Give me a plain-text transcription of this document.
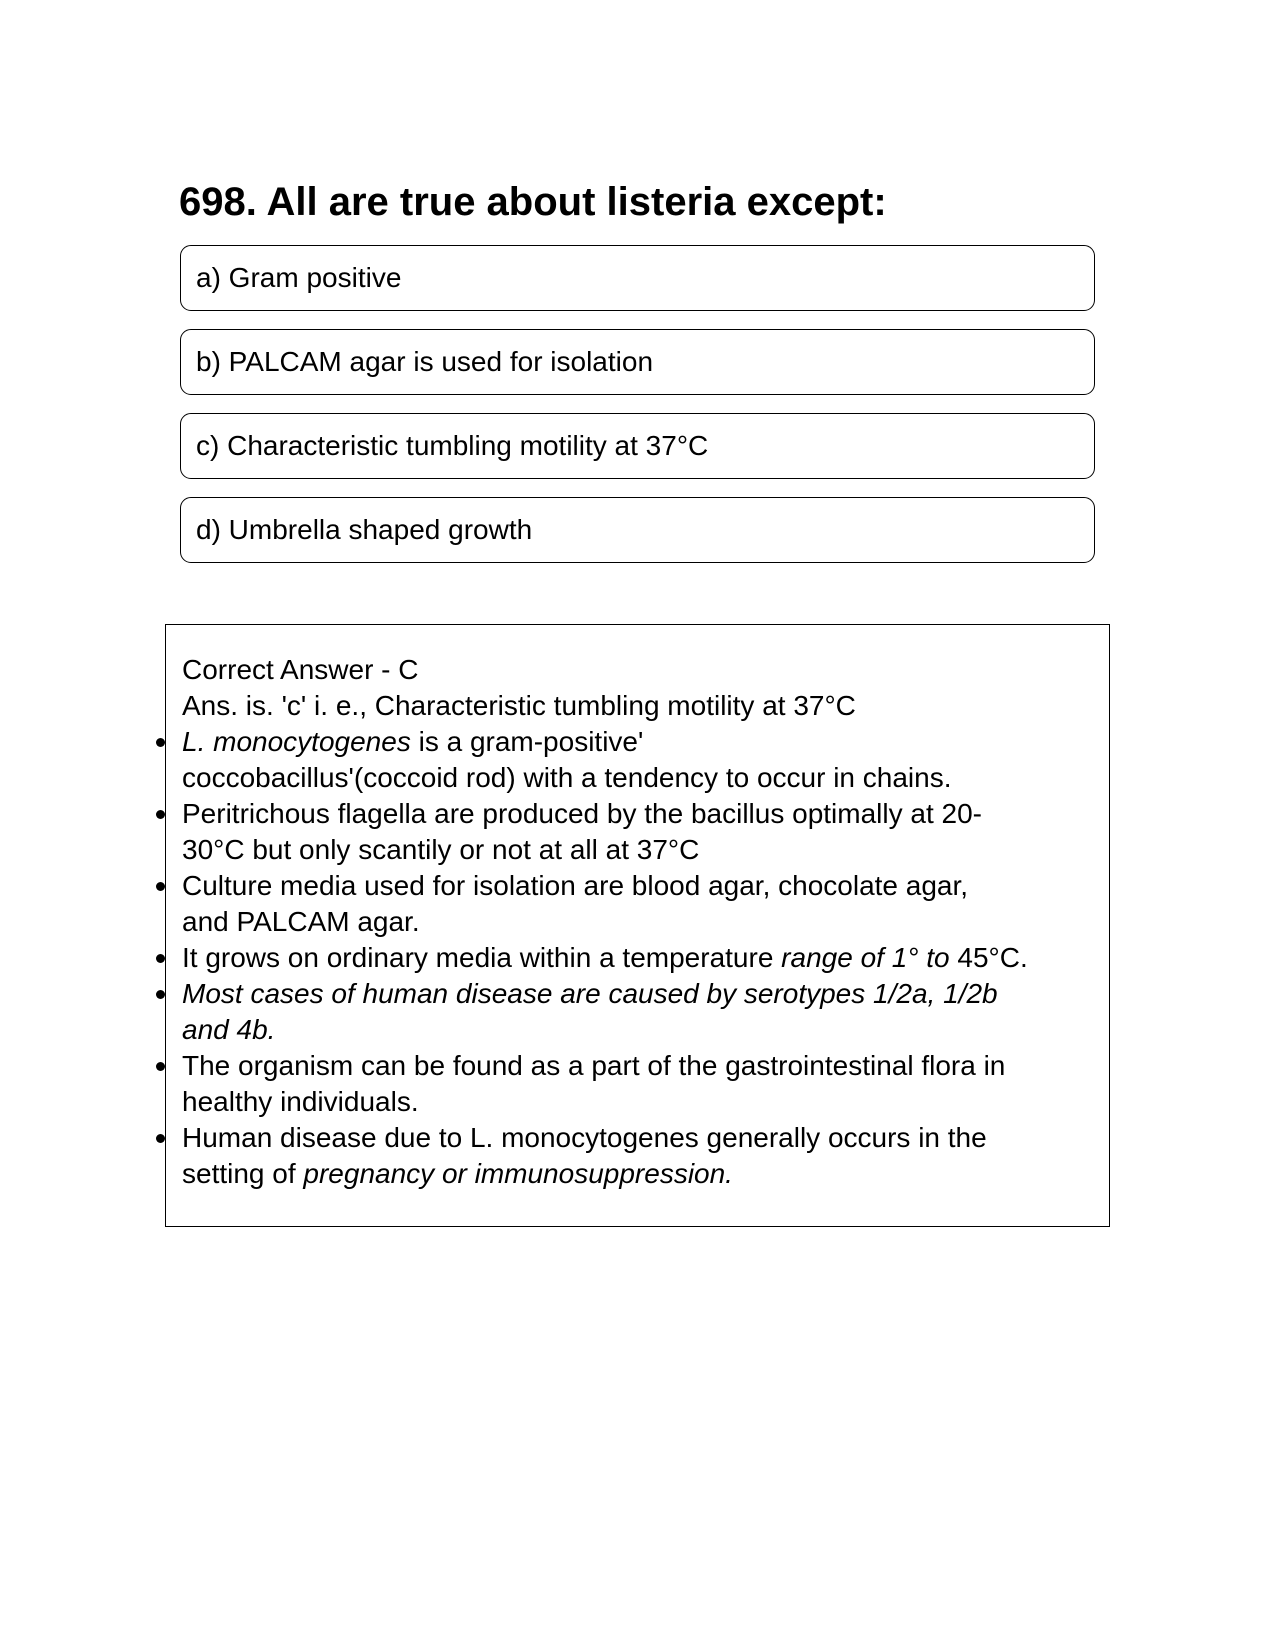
698. All are true about listeria except:
a) Gram positive
b) PALCAM agar is used for isolation
c) Characteristic tumbling motility at 37°C
d) Umbrella shaped growth
Correct Answer - C
Ans. is. 'c' i. e., Characteristic tumbling motility at 37°C
L. monocytogenes is a gram-positive'
coccobacillus'(coccoid rod) with a tendency to occur in chains.
Peritrichous flagella are produced by the bacillus optimally at 20-
30°C but only scantily or not at all at 37°C
Culture media used for isolation are blood agar, chocolate agar,
and PALCAM agar.
It grows on ordinary media within a temperature range of 1° to 45°C.
Most cases of human disease are caused by serotypes 1/2a, 1/2b
and 4b.
The organism can be found as a part of the gastrointestinal flora in
healthy individuals.
Human disease due to L. monocytogenes generally occurs in the
setting of pregnancy or immunosuppression.
